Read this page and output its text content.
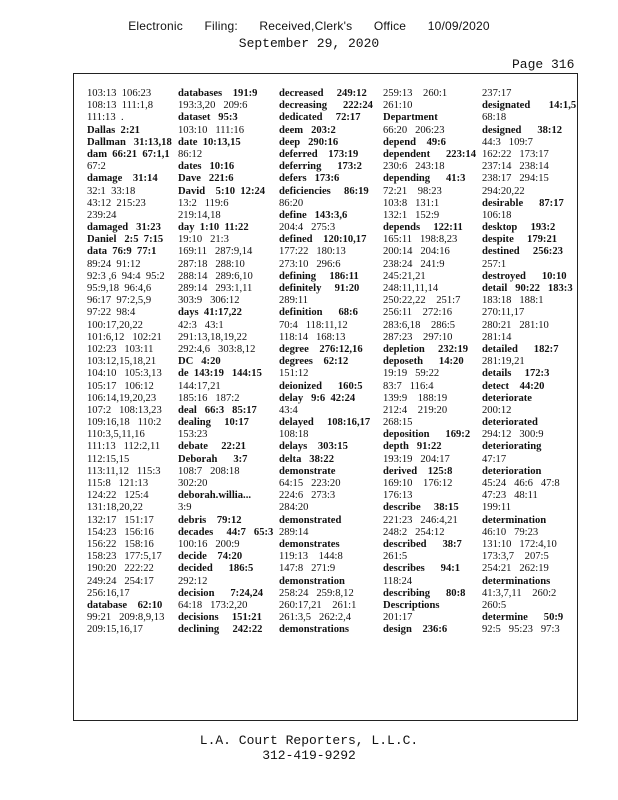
Electronic Filing: Received,Clerk's Office 10/09/2020
September 29, 2020
Page 316
103:13  106:23
108:13  111:1,8
111:13  .
Dallas  2:21
Dallman   31:13,18
dam  66:21  67:1,1
67:2
damage    31:14
32:1  33:18
43:12  215:23
239:24
damaged   31:23
Daniel   2:5  7:15
data  76:9  77:1
89:24  91:12
92:3 ,6  94:4  95:2
95:9,18  96:4,6
96:17  97:2,5,9
97:22  98:4
100:17,20,22
101:6,12   102:21
102:23   103:11
103:12,15,18,21
104:10   105:3,13
105:17   106:12
106:14,19,20,23
107:2   108:13,23
109:16,18   110:2
110:3,5,11,16
111:13   112:2,11
112:15,15
113:11,12   115:3
115:8   121:13
124:22   125:4
131:18,20,22
132:17   151:17
154:23   156:16
156:22   158:16
158:23   177:5,17
190:20   222:22
249:24   254:17
256:16,17
database    62:10
99:21   209:8,9,13
209:15,16,17
databases    191:9
193:3,20   209:6
dataset   95:3
103:10   111:16
date  10:13,15
86:12
dates   10:16
Dave   221:6
David    5:10  12:24
13:2   119:6
219:14,18
day  1:10  11:22
19:10   21:3
169:11   287:9,14
287:18   288:10
288:14   289:6,10
289:14   293:1,11
303:9   306:12
days  41:17,22
42:3   43:1
291:13,18,19,22
292:4,6   303:8,12
DC   4:20
de  143:19   144:15
144:17,21
185:16   187:2
deal   66:3   85:17
dealing     10:17
153:23
debate     22:21
Deborah      3:7
108:7   208:18
302:20
deborah.willia...
3:9
debris    79:12
decades     44:7   65:3
100:16   200:9
decide    74:20
decided      186:5
292:12
decision      7:24,24
64:18   173:2,20
decisions     151:21
declining     242:22
decreased     249:12
decreasing      222:24
dedicated     72:17
deem   203:2
deep   290:16
deferred    173:19
deferring      173:2
defers   173:6
deficiencies     86:19
86:20
define   143:3,6
204:4   275:3
defined    120:10,17
177:22   180:13
273:10   296:6
defining     186:11
definitely     91:20
289:11
definition      68:6
70:4   118:11,12
118:14   168:13
degree    276:12,16
degrees    62:12
151:12
deionized      160:5
delay   9:6  42:24
43:4
delayed     108:16,17
108:18
delays    303:15
delta   38:22
demonstrate
64:15   223:20
224:6   273:3
284:20
demonstrated
289:14
demonstrates
119:13    144:8
147:8   271:9
demonstration
258:24   259:8,12
260:17,21    261:1
261:3,5   262:2,4
demonstrations
259:13    260:1
261:10
Department
66:20   206:23
depend    49:6
dependent      223:14
230:6   243:18
depending      41:3
72:21    98:23
103:8   131:1
132:1   152:9
depends     122:11
165:11   198:8,23
200:14   204:16
238:24   241:9
245:21,21
248:11,11,14
250:22,22    251:7
256:11    272:16
283:6,18    286:5
287:23    297:10
depletion     232:19
deposeth      14:20
19:19   59:22
83:7   116:4
139:9    188:19
212:4    219:20
268:15
deposition      169:2
depth   91:22
193:19   204:17
derived    125:8
169:10    176:12
176:13
describe     38:15
221:23   246:4,21
248:2   254:12
described      38:7
261:5
describes      94:1
118:24
describing      80:8
Descriptions
201:17
design    236:6
237:17
designated       14:1,5
68:18
designed      38:12
44:3   109:7
162:22   173:17
237:14   238:14
238:17   294:15
294:20,22
desirable      87:17
106:18
desktop     193:2
despite     179:21
destined     256:23
257:1
destroyed      10:10
detail   90:22   183:3
183:18   188:1
270:11,17
280:21   281:10
281:14
detailed      182:7
281:19,21
details     172:3
detect    44:20
deteriorate
200:12
deteriorated
294:12   300:9
deteriorating
47:17
deterioration
45:24   46:6   47:8
47:23   48:11
199:11
determination
46:10   79:23
131:10   172:4,10
173:3,7    207:5
254:21   262:19
determinations
41:3,7,11    260:2
260:5
determine      50:9
92:5   95:23   97:3
L.A. Court Reporters, L.L.C.
312-419-9292
